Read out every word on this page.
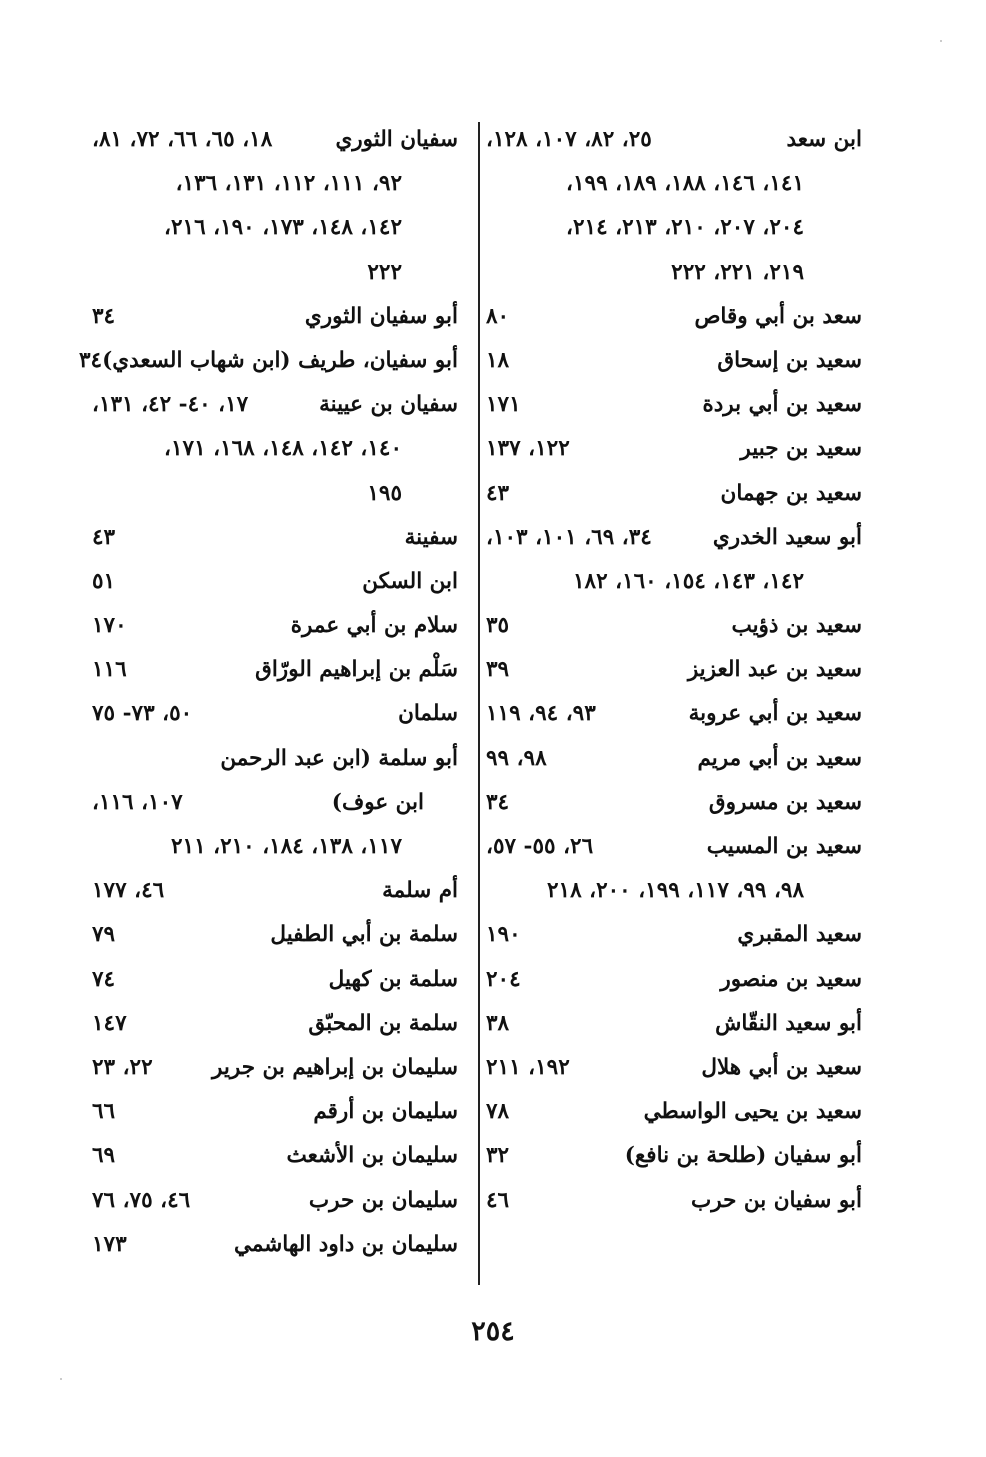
ابن سعد
٢٥، ٨٢، ١٠٧، ١٢٨،
١٤١، ١٤٦، ١٨٨، ١٨٩، ١٩٩،
٢٠٤، ٢٠٧، ٢١٠، ٢١٣، ٢١٤،
٢١٩، ٢٢١، ٢٢٢
سعد بن أبي وقاص
٨٠
سعيد بن إسحاق
١٨
سعيد بن أبي بردة
١٧١
سعيد بن جبير
١٢٢، ١٣٧
سعيد بن جهمان
٤٣
أبو سعيد الخدري
٣٤، ٦٩، ١٠١، ١٠٣،
١٤٢، ١٤٣، ١٥٤، ١٦٠، ١٨٢
سعيد بن ذؤيب
٣٥
سعيد بن عبد العزيز
٣٩
سعيد بن أبي عروبة
٩٣، ٩٤، ١١٩
سعيد بن أبي مريم
٩٨، ٩٩
سعيد بن مسروق
٣٤
سعيد بن المسيب
٢٦، ٥٥- ٥٧،
٩٨، ٩٩، ١١٧، ١٩٩، ٢٠٠، ٢١٨
سعيد المقبري
١٩٠
سعيد بن منصور
٢٠٤
أبو سعيد النقّاش
٣٨
سعيد بن أبي هلال
١٩٢، ٢١١
سعيد بن يحيى الواسطي
٧٨
أبو سفيان (طلحة بن نافع)
٣٢
أبو سفيان بن حرب
٤٦
سفيان الثوري
١٨، ٦٥، ٦٦، ٧٢، ٨١،
٩٢، ١١١، ١١٢، ١٣١، ١٣٦،
١٤٢، ١٤٨، ١٧٣، ١٩٠، ٢١٦،
٢٢٢
أبو سفيان الثوري
٣٤
أبو سفيان، طريف (ابن شهاب السعدي)٣٤
سفيان بن عيينة
١٧، ٤٠- ٤٢، ١٣١،
١٤٠، ١٤٢، ١٤٨، ١٦٨، ١٧١،
١٩٥
سفينة
٤٣
ابن السكن
٥١
سلام بن أبي عمرة
١٧٠
سَلْم بن إبراهيم الورّاق
١١٦
سلمان
٥٠، ٧٣- ٧٥
أبو سلمة (ابن عبد الرحمن
ابن عوف)
١٠٧، ١١٦،
١١٧، ١٣٨، ١٨٤، ٢١٠، ٢١١
أم سلمة
٤٦، ١٧٧
سلمة بن أبي الطفيل
٧٩
سلمة بن كهيل
٧٤
سلمة بن المحبّق
١٤٧
سليمان بن إبراهيم بن جرير
٢٢، ٢٣
سليمان بن أرقم
٦٦
سليمان بن الأشعث
٦٩
سليمان بن حرب
٤٦، ٧٥، ٧٦
سليمان بن داود الهاشمي
١٧٣
٢٥٤
